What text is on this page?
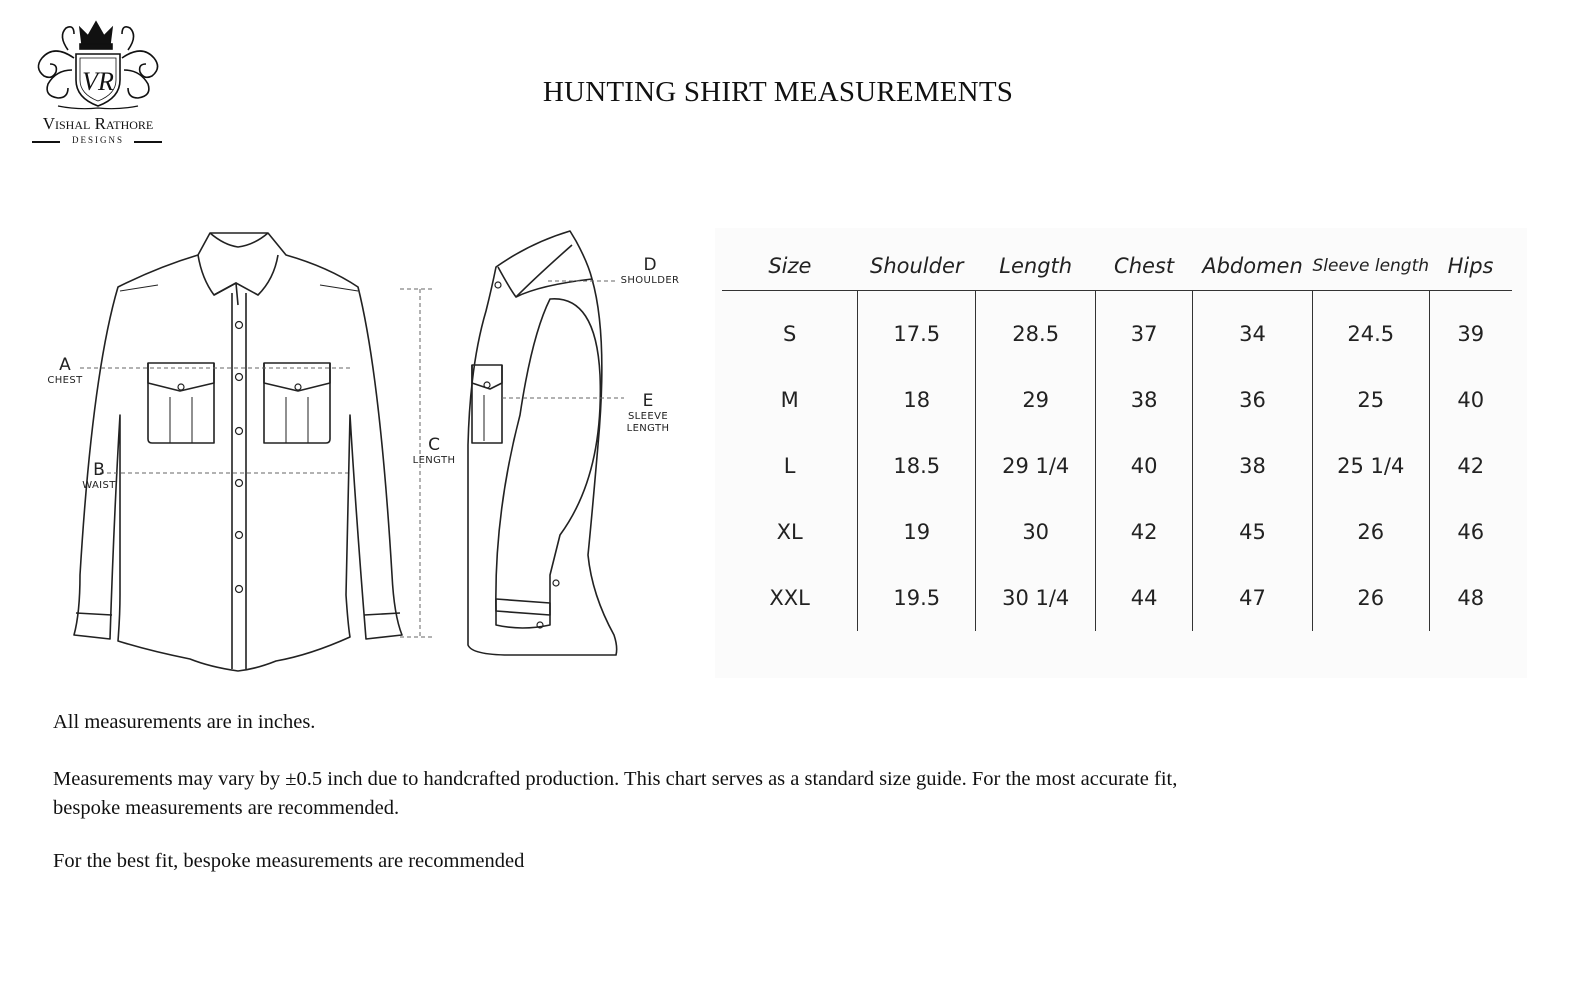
VR
Vishal Rathore
DESIGNS
HUNTING SHIRT MEASUREMENTS
A
CHEST
B
WAIST
C
LENGTH
D
SHOULDER
E
SLEEVE LENGTH
Size	Shoulder	Length	Chest	Abdomen	Sleeve length	Hips
S	17.5	28.5	37	34	24.5	39
M	18	29	38	36	25	40
L	18.5	29 1/4	40	38	25 1/4	42
XL	19	30	42	45	26	46
XXL	19.5	30 1/4	44	47	26	48

All measurements are in inches.

Measurements may vary by ±0.5 inch due to handcrafted production. This chart serves as a standard size guide. For the most accurate fit, bespoke measurements are recommended.

For the best fit, bespoke measurements are recommended
